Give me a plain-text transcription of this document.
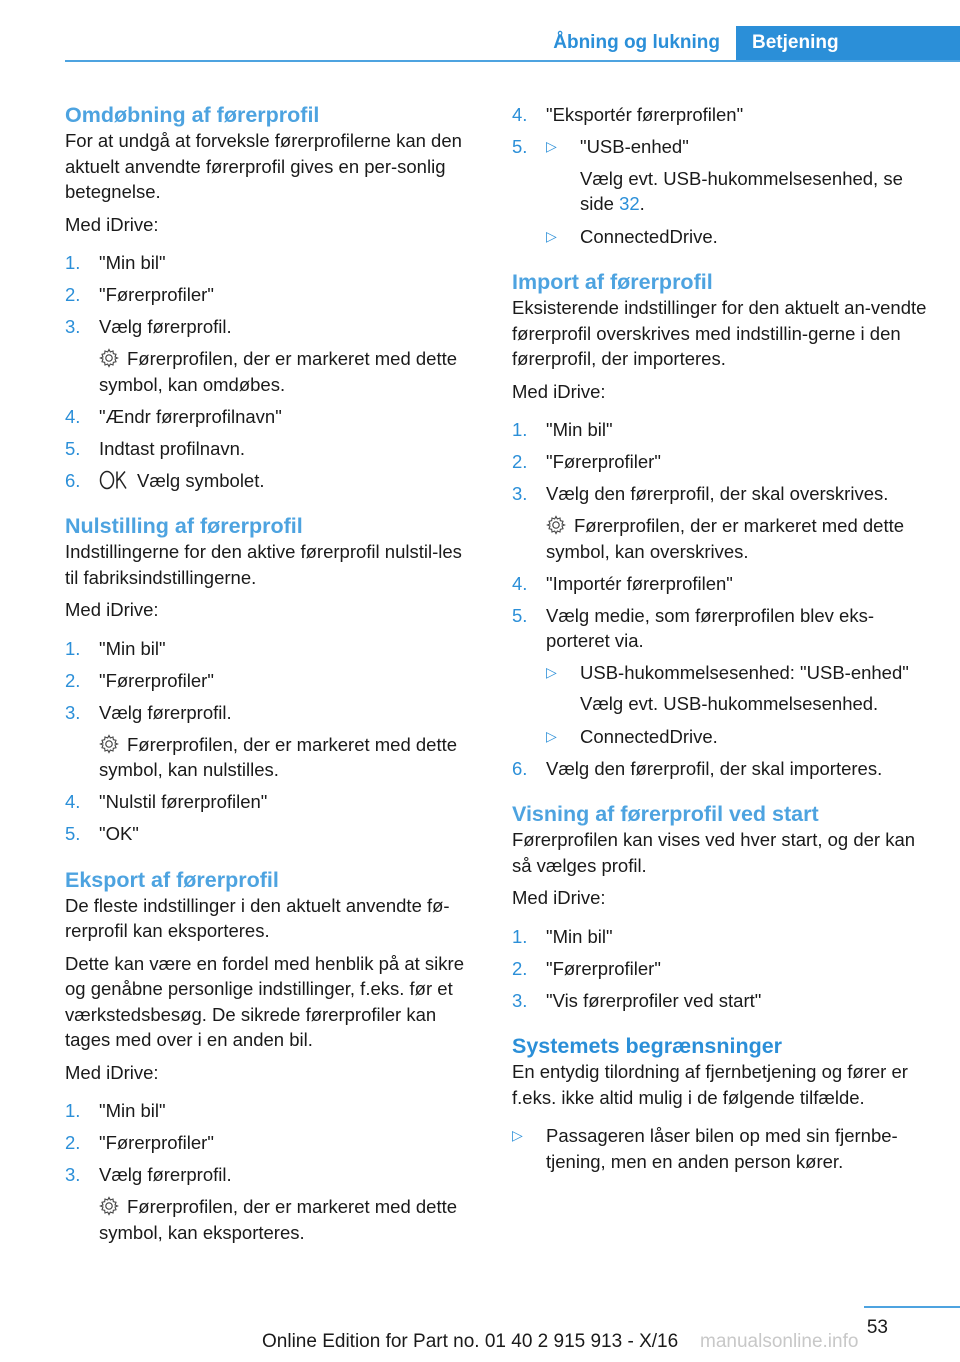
Åbning og lukning	Betjening
Omdøbning af førerprofil

For at undgå at forveksle førerprofilerne kan den aktuelt anvendte førerprofil gives en per‐sonlig betegnelse.

Med iDrive:

1. "Min bil"
2. "Førerprofiler"
3. Vælg førerprofil.
Førerprofilen, der er markeret med dette symbol, kan omdøbes.
4. "Ændr førerprofilnavn"
5. Indtast profilnavn.
6.	Vælg symbolet.
Nulstilling af førerprofil

Indstillingerne for den aktive førerprofil nulstil‐les til fabriksindstillingerne.

Med iDrive:

1. "Min bil"
2. "Førerprofiler"
3. Vælg førerprofil.
Førerprofilen, der er markeret med dette symbol, kan nulstilles.
4. "Nulstil førerprofilen"
5. "OK"
Eksport af førerprofil

De fleste indstillinger i den aktuelt anvendte fø‐rerprofil kan eksporteres.

Dette kan være en fordel med henblik på at sikre og genåbne personlige indstillinger, f.eks. før et værkstedsbesøg. De sikrede førerprofiler kan tages med over i en anden bil.

Med iDrive:

1. "Min bil"
2. "Førerprofiler"
3. Vælg førerprofil.
Førerprofilen, der er markeret med dette symbol, kan eksporteres.
4. "Eksportér førerprofilen"
5. ▷ "USB-enhed"
Vælg evt. USB-hukommelsesenhed, se side 32.
▷ ConnectedDrive.
Import af førerprofil

Eksisterende indstillinger for den aktuelt an‐vendte førerprofil overskrives med indstillin‐gerne i den førerprofil, der importeres.

Med iDrive:

1. "Min bil"
2. "Førerprofiler"
3. Vælg den førerprofil, der skal overskrives.
Førerprofilen, der er markeret med dette symbol, kan overskrives.
4. "Importér førerprofilen"
5. Vælg medie, som førerprofilen blev eks‐porteret via.
▷ USB-hukommelsesenhed: "USB-enhed"
Vælg evt. USB-hukommelsesenhed.
▷ ConnectedDrive.
6. Vælg den førerprofil, der skal importeres.
Visning af førerprofil ved start

Førerprofilen kan vises ved hver start, og der kan så vælges profil.

Med iDrive:

1. "Min bil"
2. "Førerprofiler"
3. "Vis førerprofiler ved start"
Systemets begrænsninger

En entydig tilordning af fjernbetjening og fører er f.eks. ikke altid mulig i de følgende tilfælde.

▷ Passageren låser bilen op med sin fjernbe‐tjening, men en anden person kører.
53
Online Edition for Part no. 01 40 2 915 913 - X/16 manualsonline.info
